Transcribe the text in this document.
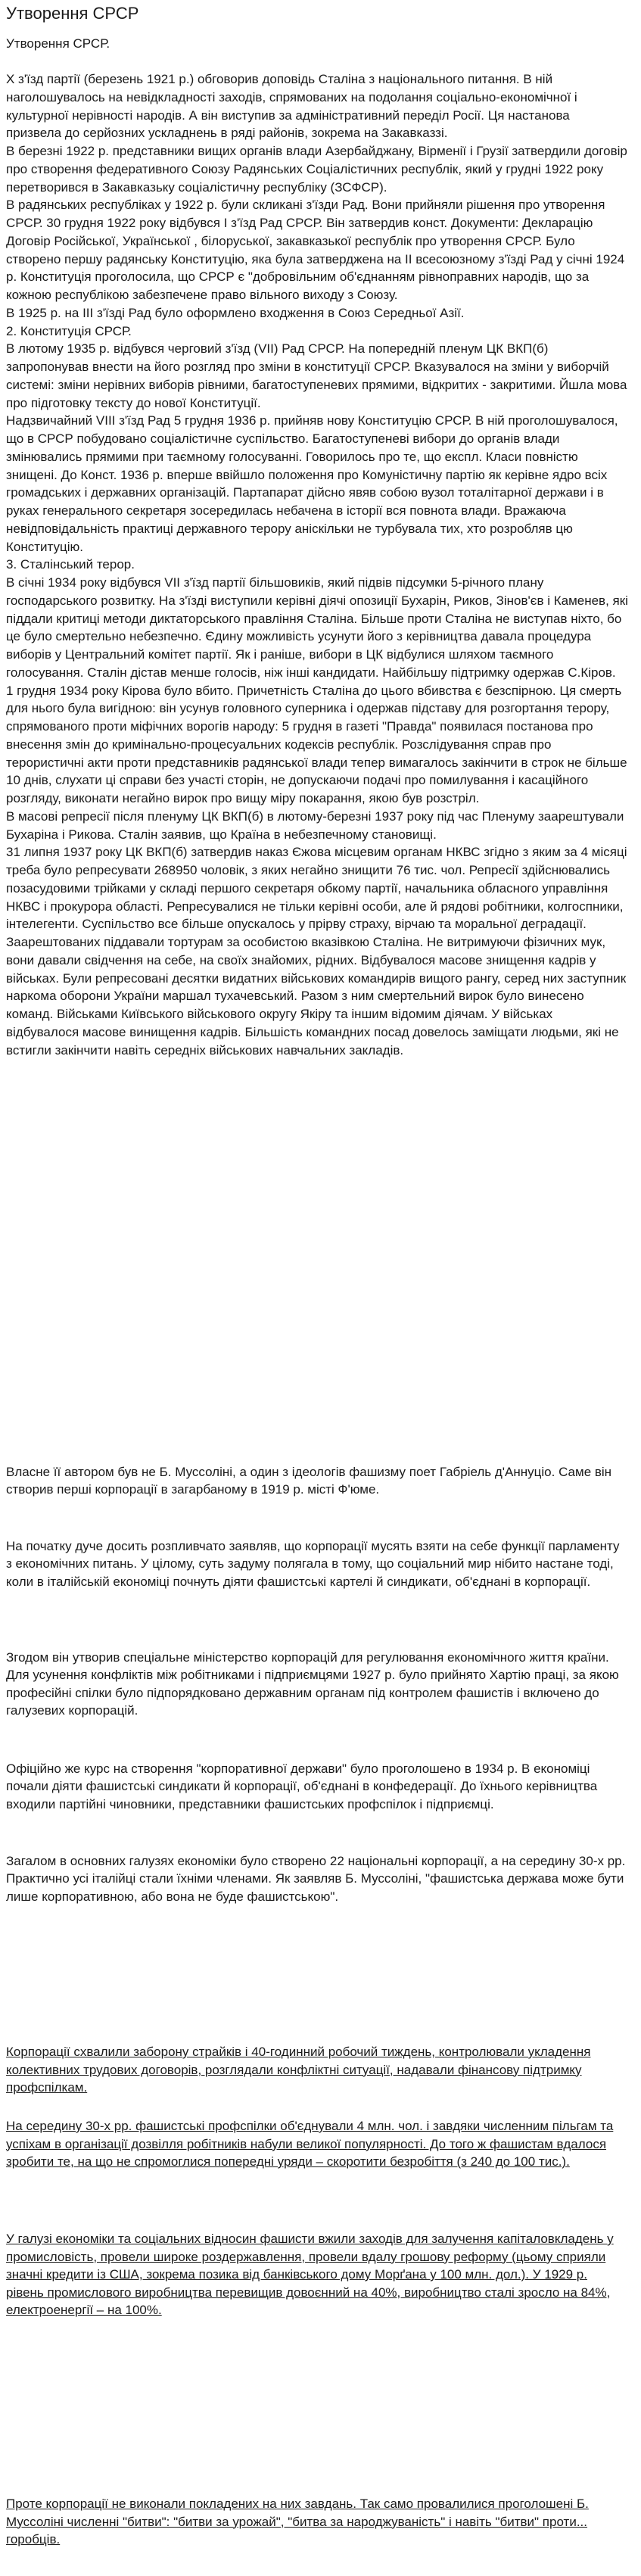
Утворення СРСР
Утворення СРСР.

X з'їзд партії (березень 1921 р.) обговорив доповідь Сталіна з національного питання. В ній наголошувалось на невідкладності заходів, спрямованих на подолання соціально-економічної і культурної нерівності народів. А він виступив за адміністративний переділ Росії. Ця настанова призвела до серйозних ускладнень в ряді районів, зокрема на Закавказзі.

В березні 1922 р. представники вищих органів влади Азербайджану, Вірменії і Грузії затвердили договір про створення федеративного Союзу Радянських Соціалістичних республік, який у грудні 1922 року перетворився в Закавказьку соціалістичну республіку (ЗСФСР).

В радянських республіках у 1922 р. були скликані з'їзди Рад. Вони прийняли рішення про утворення СРСР. 30 грудня 1922 року відбувся I з'їзд Рад СРСР. Він затвердив конст. Документи: Декларацію Договір Російської, Української , білоруської, закавказької республік про утворення СРСР. Було створено першу радянську Конституцію, яка була затверджена на II всесоюзному з'їзді Рад у січні 1924 р. Конституція проголосила, що СРСР є "добровільним об'єднанням рівноправних народів, що за кожною республікою забезпечене право вільного виходу з Союзу.

В 1925 р. на III з'їзді Рад було оформлено входження в Союз Середньої Азії.

2. Конституція СРСР.

В лютому 1935 р. відбувся черговий з'їзд (VII) Рад СРСР. На попередній пленум ЦК ВКП(б) запропонував внести на його розгляд про зміни в конституції СРСР. Вказувалося на зміни у виборчій системі: зміни нерівних виборів рівними, багатоступеневих прямими, відкритих - закритими. Йшла мова про підготовку тексту до нової Конституції.

Надзвичайний VIII з'їзд Рад 5 грудня 1936 р. прийняв нову Конституцію СРСР. В ній проголошувалося, що в СРСР побудовано соціалістичне суспільство. Багатоступеневі вибори до органів влади змінювались прямими при таємному голосуванні. Говорилось про те, що експл. Класи повністю знищені. До Конст. 1936 р. вперше ввійшло положення про Комуністичну партію як керівне ядро всіх громадських і державних організацій. Партапарат дійсно явяв собою вузол тоталітарної держави і в руках генерального секретаря зосередилась небачена в історії вся повнота влади. Вражаюча невідповідальність практиці державного терору аніскільки не турбувала тих, хто розробляв цю Конституцію.

3. Сталінський терор.

В січні 1934 року відбувся VII з'їзд партії більшовиків, який підвів підсумки 5-річного плану господарського розвитку. На з'їзді виступили керівні діячі опозиції Бухарін, Риков, Зінов'єв і Каменев, які піддали критиці методи диктаторського правління Сталіна. Більше проти Сталіна не виступав ніхто, бо це було смертельно небезпечно. Єдину можливість усунути його з керівництва давала процедура виборів у Центральний комітет партії. Як і раніше, вибори в ЦК відбулися шляхом таємного голосування. Сталін дістав менше голосів, ніж інші кандидати. Найбільшу підтримку одержав С.Кіров.

1 грудня 1934 року Кірова було вбито. Причетність Сталіна до цього вбивства є безспірною. Ця смерть для нього була вигідною: він усунув головного суперника і одержав підставу для розгортання терору, спрямованого проти міфічних ворогів народу: 5 грудня в газеті "Правда" появилася постанова про внесення змін до кримінально-процесуальних кодексів республік. Розслідування справ про терористичні акти проти представників радянської влади тепер вимагалось закінчити в строк не більше 10 днів, слухати ці справи без участі сторін, не допускаючи подачі про помилування і касаційного розгляду, виконати негайно вирок про вищу міру покарання, якою був розстріл.

В масові репресії після пленуму ЦК ВКП(б) в лютому-березні 1937 року під час Пленуму заарештували Бухаріна і Рикова. Сталін заявив, що Країна в небезпечному становищі.

31 липня 1937 року ЦК ВКП(б) затвердив наказ Єжова місцевим органам НКВС згідно з яким за 4 місяці треба було репресувати 268950 чоловік, з яких негайно знищити 76 тис. чол. Репресії здійснювались позасудовими трійками у складі першого секретаря обкому партії, начальника обласного управління НКВС і прокурора області. Репресувалися не тільки керівні особи, але й рядові робітники, колгоспники, інтелегенти. Суспільство все більше опускалось у прірву страху, вірчаю та моральної деградації. Заарештованих піддавали тортурам за особистою вказівкою Сталіна. Не витримуючи фізичних мук, вони давали свідчення на себе, на своїх знайомих, рідних. Відбувалося масове знищення кадрів у військах. Були репресовані десятки видатних військових командирів вищого рангу, серед них заступник наркома оборони України маршал тухачевський. Разом з ним смертельний вирок було винесено команд. Військами Київського військового округу Якіру та іншим відомим діячам. У військах відбувалося масове винищення кадрів. Більшість командних посад довелось заміщати людьми, які не встигли закінчити навіть середніх військових навчальних закладів.

Власне її автором був не Б. Муссоліні, а один з ідеологів фашизму поет Габріель д'Аннуціо. Саме він створив перші корпорації в загарбаному в 1919 р. місті Ф'юме.

На початку дуче досить розпливчато заявляв, що корпорації мусять взяти на себе функції парламенту з економічних питань. У цілому, суть задуму полягала в тому, що соціальний мир нібито настане тоді, коли в італійській економіці почнуть діяти фашистські картелі й синдикати, об'єднані в корпорації.

Згодом він утворив спеціальне міністерство корпорацій для регулювання економічного життя країни. Для усунення конфліктів між робітниками і підприємцями 1927 р. було прийнято Хартію праці, за якою професійні спілки було підпорядковано державним органам під контролем фашистів і включено до галузевих корпорацій.

Офіційно же курс на створення "корпоративної держави" було проголошено в 1934 р. В економіці почали діяти фашистські синдикати й корпорації, об'єднані в конфедерації. До їхнього керівництва входили партійні чиновники, представники фашистських профспілок і підприємці.

Загалом в основних галузях економіки було створено 22 національні корпорації, а на середину 30-х рр. Практично усі італійці стали їхніми членами. Як заявляв Б. Муссоліні, "фашистська держава може бути лише корпоративною, або вона не буде фашистською".

Корпорації схвалили заборону страйків і 40-годинний робочий тиждень, контролювали укладення колективних трудових договорів, розглядали конфліктні ситуації, надавали фінансову підтримку профспілкам.

На середину 30-х рр. фашистські профспілки об'єднували 4 млн. чол. і завдяки численним пільгам та успіхам в організації дозвілля робітників набули великої популярності. До того ж фашистам вдалося зробити те, на що не спромоглися попередні уряди – скоротити безробіття (з 240 до 100 тис.).

У галузі економіки та соціальних відносин фашисти вжили заходів для залучення капіталовкладень у промисловість, провели широке роздержавлення, провели вдалу грошову реформу (цьому сприяли значні кредити із США, зокрема позика від банківського дому Морґана у 100 млн. дол.). У 1929 р. рівень промислового виробництва перевищив довоєнний на 40%, виробництво сталі зросло на 84%, електроенергії – на 100%.

Проте корпорації не виконали покладених на них завдань. Так само провалилися проголошені Б. Муссоліні численні "битви": "битви за урожай", "битва за народжуваність" і навіть "битви" проти... горобців.
